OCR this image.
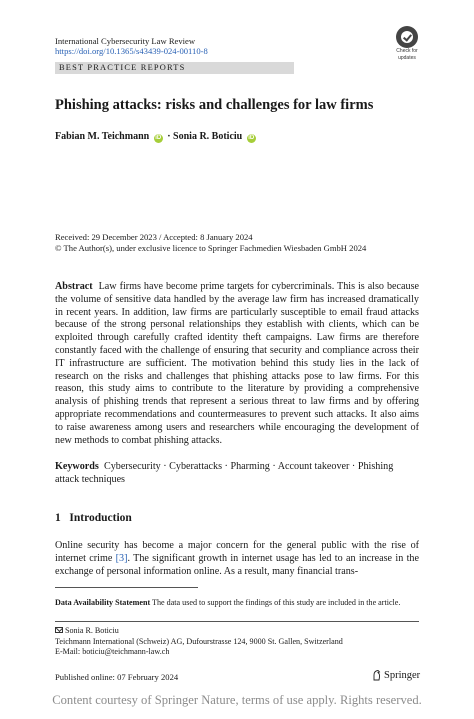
International Cybersecurity Law Review
https://doi.org/10.1365/s43439-024-00110-8	Check for
updates
BEST PRACTICE REPORTS
Phishing attacks: risks and challenges for law firms
Fabian M. Teichmann iD · Sonia R. Boticiu iD
Received: 29 December 2023 / Accepted: 8 January 2024
© The Author(s), under exclusive licence to Springer Fachmedien Wiesbaden GmbH 2024
Abstract Law firms have become prime targets for cybercriminals. This is also because the volume of sensitive data handled by the average law firm has increased dramatically in recent years. In addition, law firms are particularly susceptible to email fraud attacks because of the strong personal relationships they establish with clients, which can be exploited through carefully crafted identity theft campaigns. Law firms are therefore constantly faced with the challenge of ensuring that security and compliance across their IT infrastructure are sufficient. The motivation behind this study lies in the lack of research on the risks and challenges that phishing attacks pose to law firms. For this reason, this study aims to contribute to the literature by providing a comprehensive analysis of phishing trends that represent a serious threat to law firms and by offering appropriate recommendations and countermeasures to prevent such attacks. It also aims to raise awareness among users and researchers while encouraging the development of new methods to combat phishing attacks.
Keywords Cybersecurity · Cyberattacks · Pharming · Account takeover · Phishing attack techniques
1 Introduction
Online security has become a major concern for the general public with the rise of internet crime [3]. The significant growth in internet usage has led to an increase in the exchange of personal information online. As a result, many financial trans-
Data Availability Statement The data used to support the findings of this study are included in the article.
Sonia R. Boticiu
Teichmann International (Schweiz) AG, Dufourstrasse 124, 9000 St. Gallen, Switzerland
E-Mail: boticiu@teichmann-law.ch
Published online: 07 February 2024	Springer
Content courtesy of Springer Nature, terms of use apply. Rights reserved.
